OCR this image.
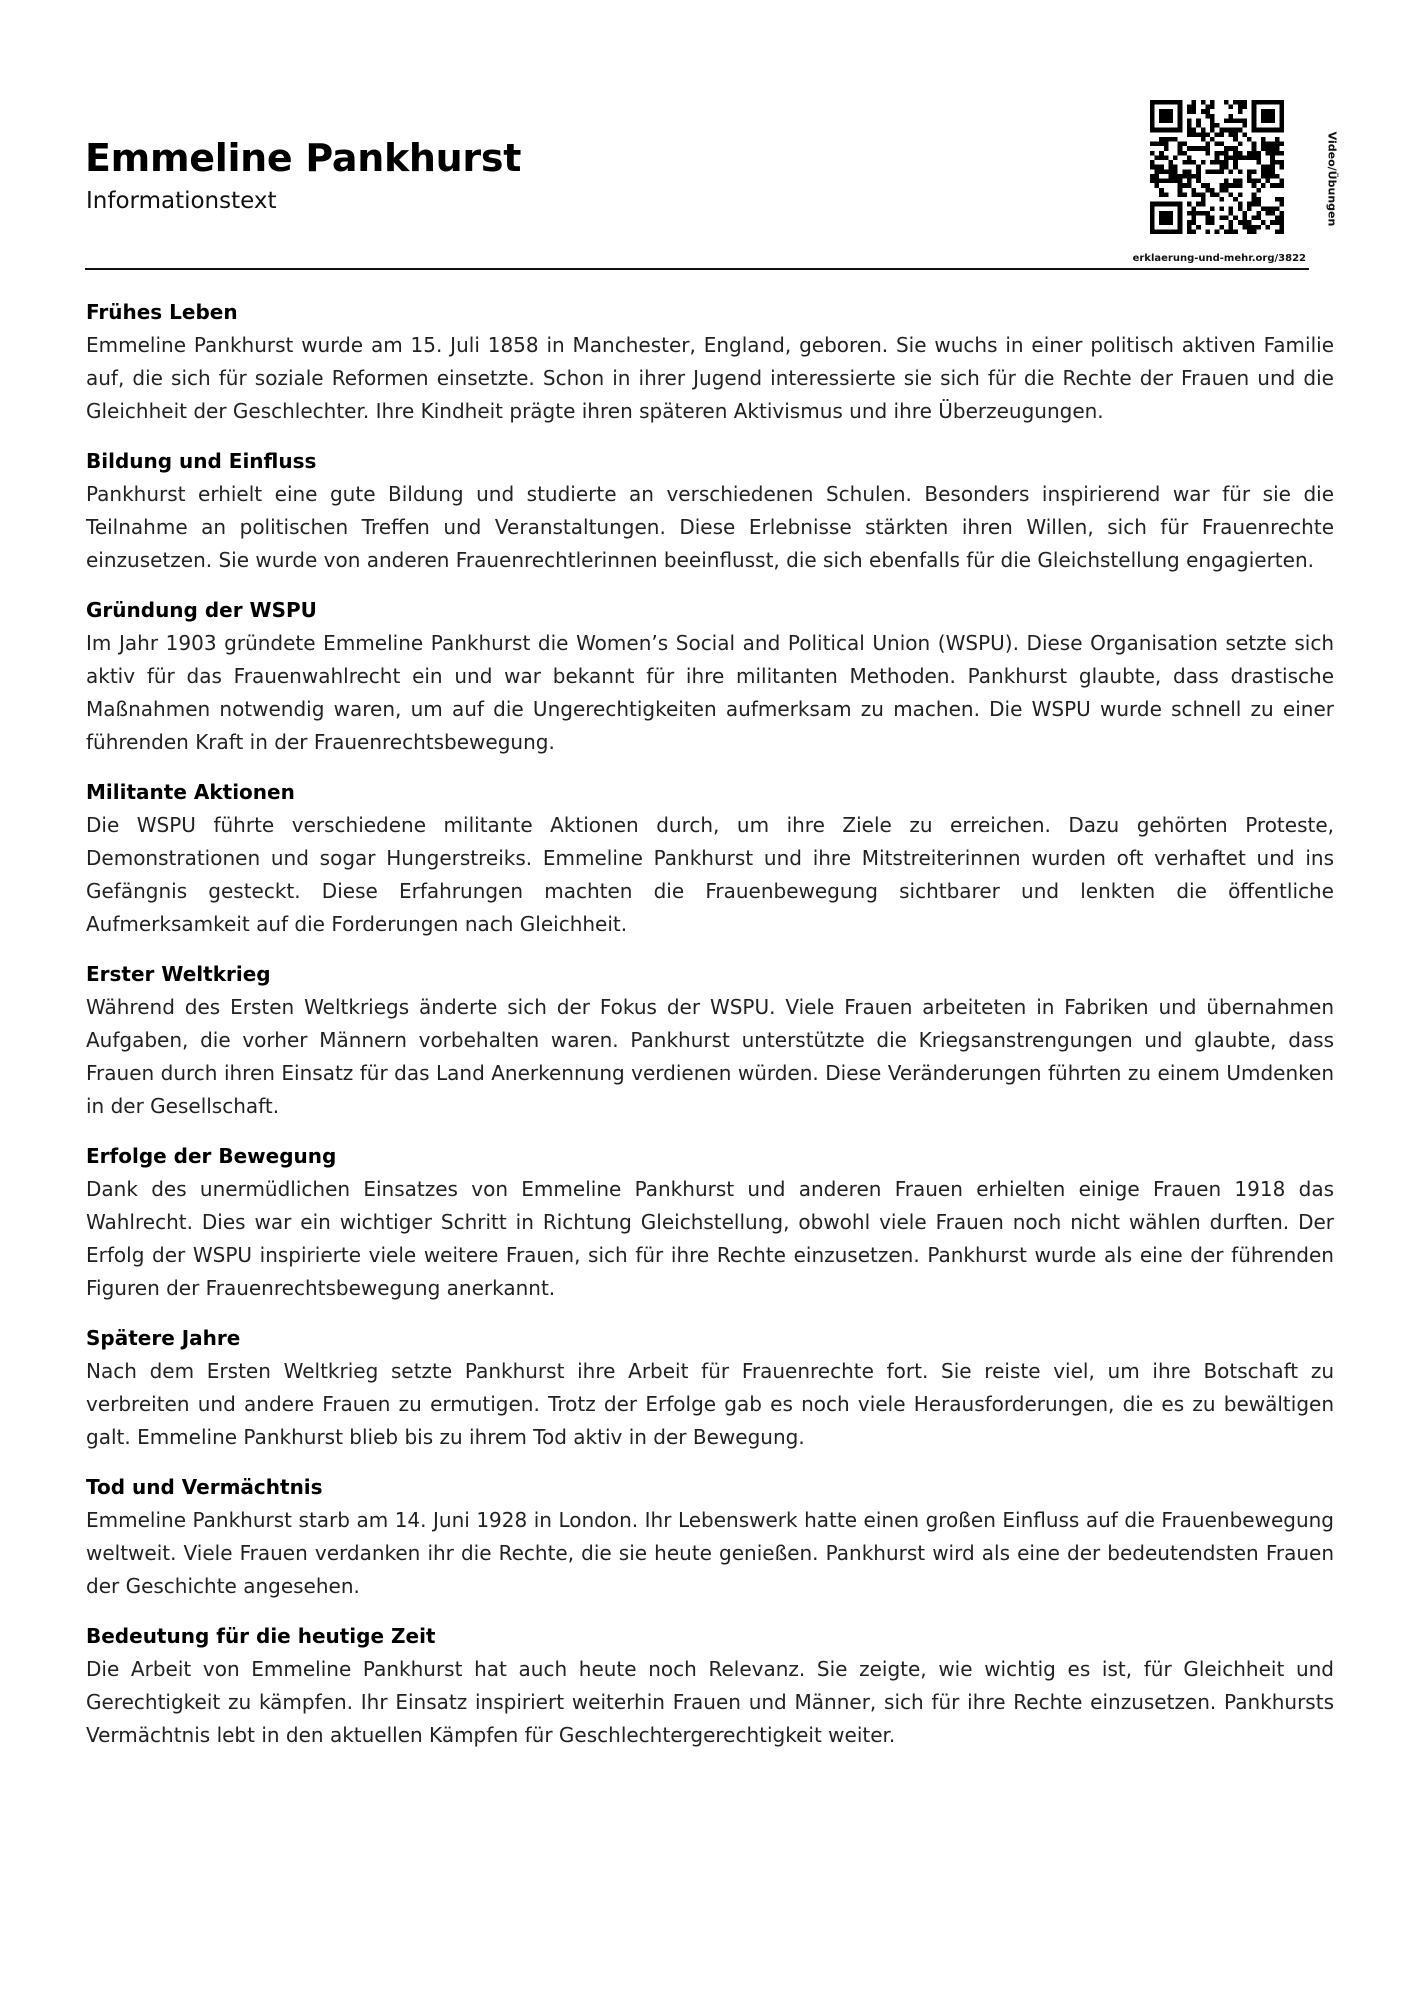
Emmeline Pankhurst
Informationstext	Video/Übungen
erklaerung-und-mehr.org/3822
Frühes Leben

Emmeline Pankhurst wurde am 15. Juli 1858 in Manchester, England, geboren. Sie wuchs in einer politisch aktiven Familie auf, die sich für soziale Reformen einsetzte. Schon in ihrer Jugend interessierte sie sich für die Rechte der Frauen und die Gleichheit der Geschlechter. Ihre Kindheit prägte ihren späteren Aktivismus und ihre Überzeugungen.

Bildung und Einfluss

Pankhurst erhielt eine gute Bildung und studierte an verschiedenen Schulen. Besonders inspirierend war für sie die Teilnahme an politischen Treffen und Veranstaltungen. Diese Erlebnisse stärkten ihren Willen, sich für Frauenrechte einzusetzen. Sie wurde von anderen Frauenrechtlerinnen beeinflusst, die sich ebenfalls für die Gleichstellung engagierten.

Gründung der WSPU

Im Jahr 1903 gründete Emmeline Pankhurst die Women’s Social and Political Union (WSPU). Diese Organisation setzte sich aktiv für das Frauenwahlrecht ein und war bekannt für ihre militanten Methoden. Pankhurst glaubte, dass drastische Maßnahmen notwendig waren, um auf die Ungerechtigkeiten aufmerksam zu machen. Die WSPU wurde schnell zu einer führenden Kraft in der Frauenrechtsbewegung.

Militante Aktionen

Die WSPU führte verschiedene militante Aktionen durch, um ihre Ziele zu erreichen. Dazu gehörten Proteste, Demonstrationen und sogar Hungerstreiks. Emmeline Pankhurst und ihre Mitstreiterinnen wurden oft verhaftet und ins Gefängnis gesteckt. Diese Erfahrungen machten die Frauenbewegung sichtbarer und lenkten die öffentliche Aufmerksamkeit auf die Forderungen nach Gleichheit.

Erster Weltkrieg

Während des Ersten Weltkriegs änderte sich der Fokus der WSPU. Viele Frauen arbeiteten in Fabriken und übernahmen Aufgaben, die vorher Männern vorbehalten waren. Pankhurst unterstützte die Kriegsanstrengungen und glaubte, dass Frauen durch ihren Einsatz für das Land Anerkennung verdienen würden. Diese Veränderungen führten zu einem Umdenken in der Gesellschaft.

Erfolge der Bewegung

Dank des unermüdlichen Einsatzes von Emmeline Pankhurst und anderen Frauen erhielten einige Frauen 1918 das Wahlrecht. Dies war ein wichtiger Schritt in Richtung Gleichstellung, obwohl viele Frauen noch nicht wählen durften. Der Erfolg der WSPU inspirierte viele weitere Frauen, sich für ihre Rechte einzusetzen. Pankhurst wurde als eine der führenden Figuren der Frauenrechtsbewegung anerkannt.

Spätere Jahre

Nach dem Ersten Weltkrieg setzte Pankhurst ihre Arbeit für Frauenrechte fort. Sie reiste viel, um ihre Botschaft zu verbreiten und andere Frauen zu ermutigen. Trotz der Erfolge gab es noch viele Herausforderungen, die es zu bewältigen galt. Emmeline Pankhurst blieb bis zu ihrem Tod aktiv in der Bewegung.

Tod und Vermächtnis

Emmeline Pankhurst starb am 14. Juni 1928 in London. Ihr Lebenswerk hatte einen großen Einfluss auf die Frauenbewegung weltweit. Viele Frauen verdanken ihr die Rechte, die sie heute genießen. Pankhurst wird als eine der bedeutendsten Frauen der Geschichte angesehen.

Bedeutung für die heutige Zeit

Die Arbeit von Emmeline Pankhurst hat auch heute noch Relevanz. Sie zeigte, wie wichtig es ist, für Gleichheit und Gerechtigkeit zu kämpfen. Ihr Einsatz inspiriert weiterhin Frauen und Männer, sich für ihre Rechte einzusetzen. Pankhursts Vermächtnis lebt in den aktuellen Kämpfen für Geschlechtergerechtigkeit weiter.
